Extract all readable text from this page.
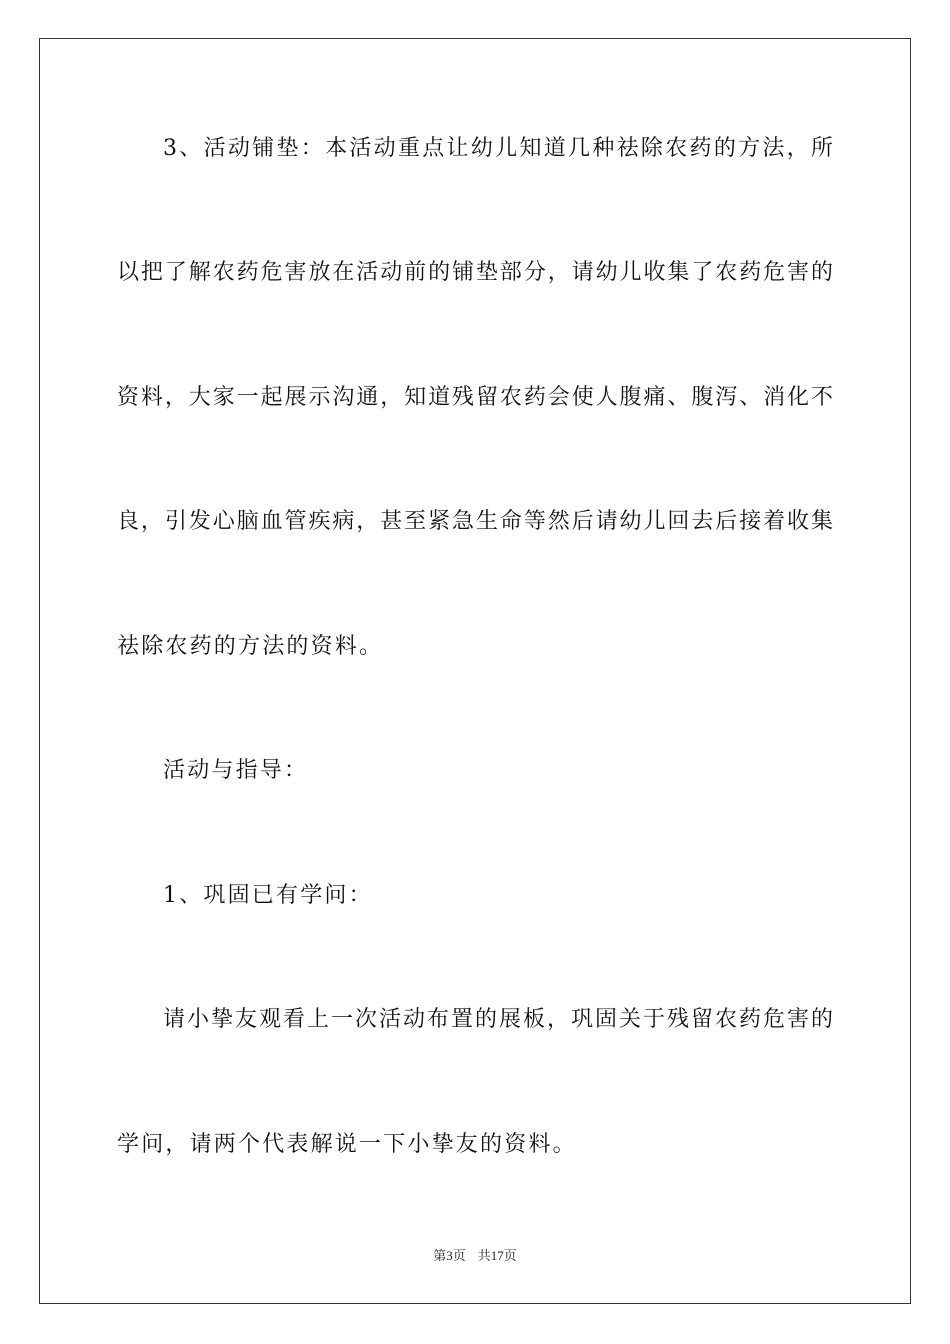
3、活动铺垫：本活动重点让幼儿知道几种祛除农药的方法，所
以把了解农药危害放在活动前的铺垫部分，请幼儿收集了农药危害的
资料，大家一起展示沟通，知道残留农药会使人腹痛、腹泻、消化不
良，引发心脑血管疾病，甚至紧急生命等然后请幼儿回去后接着收集
祛除农药的方法的资料。
活动与指导：
1、巩固已有学问：
请小挚友观看上一次活动布置的展板，巩固关于残留农药危害的
学问，请两个代表解说一下小挚友的资料。
第3页 共17页
